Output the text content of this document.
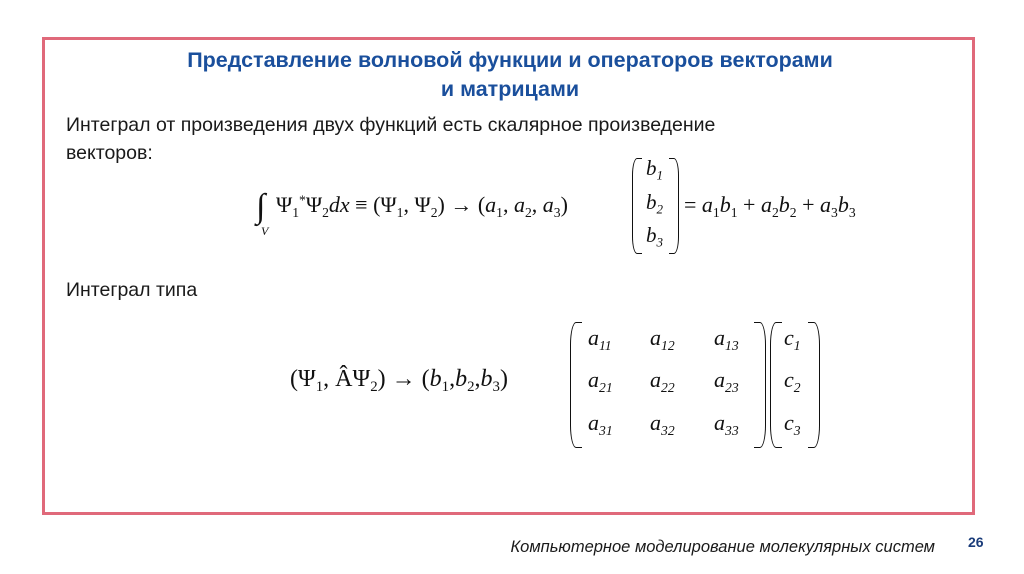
Представление волновой функции и операторов векторами
и матрицами
Интеграл от произведения двух функций есть скалярное произведение
векторов:
∫
V
$\Psi_1^*\Psi_2dx \equiv (\Psi_1$, $\Psi_2) \to (a_1$, $a_2$, $a_3$)
$b_1$
$b_2$
$b_3$
= $a_1b_1 + a_2b_2 + a_3b_3$
Интеграл типа
($\Psi_1$, $Â\Psi_2) \to (b_1,b_2,b_3)$
$a_{11}$ $a_{12}$ $a_{13}$
$a_{21}$ $a_{22}$ $a_{23}$
$a_{31}$ $a_{32}$ $a_{33}$
$c_1$
$c_2$
$c_3$
Компьютерное моделирование молекулярных систем 26
